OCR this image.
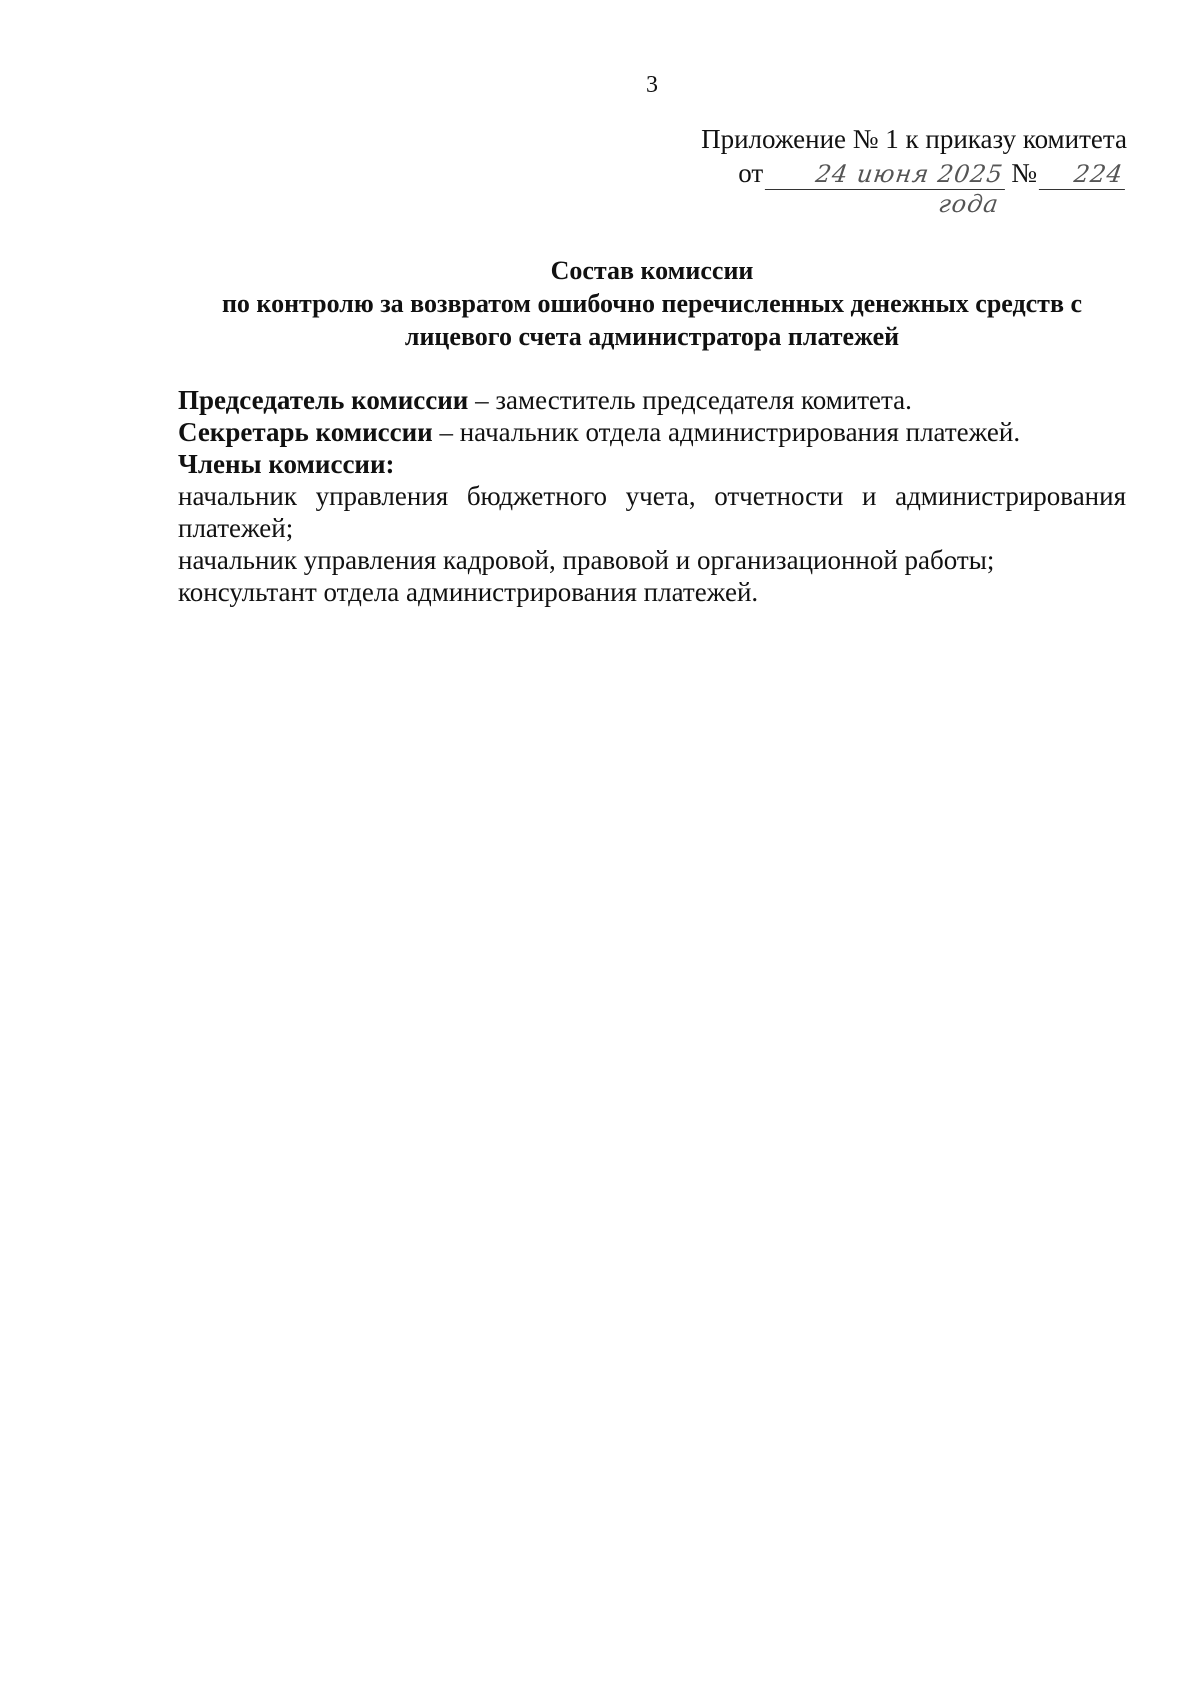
3
Приложение № 1 к приказу комитета
от	24 июня 2025 года
№	224
Состав комиссии
по контролю за возвратом ошибочно перечисленных денежных средств с
лицевого счета администратора платежей

Председатель комиссии – заместитель председателя комитета.

Секретарь комиссии – начальник отдела администрирования платежей.

Члены комиссии:

начальник управления бюджетного учета, отчетности и администрирования платежей;

начальник управления кадровой, правовой и организационной работы;

консультант отдела администрирования платежей.
